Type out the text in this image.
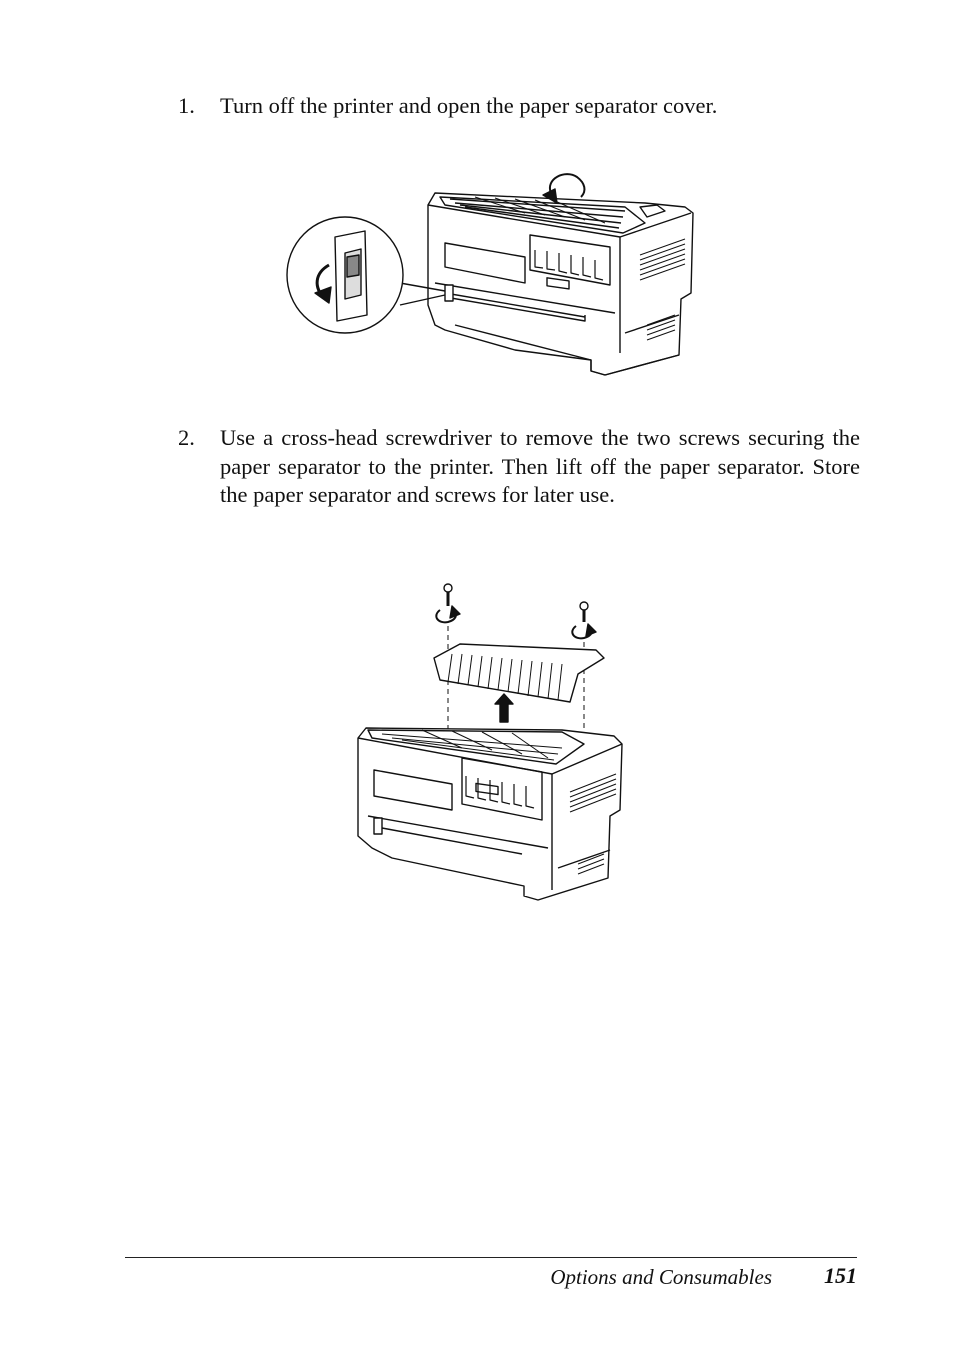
1.	Turn off the printer and open the paper separator cover.
2.	Use a cross-head screwdriver to remove the two screws securing the paper separator to the printer. Then lift off the paper separator. Store the paper separator and screws for later use.
Options and Consumables 151
